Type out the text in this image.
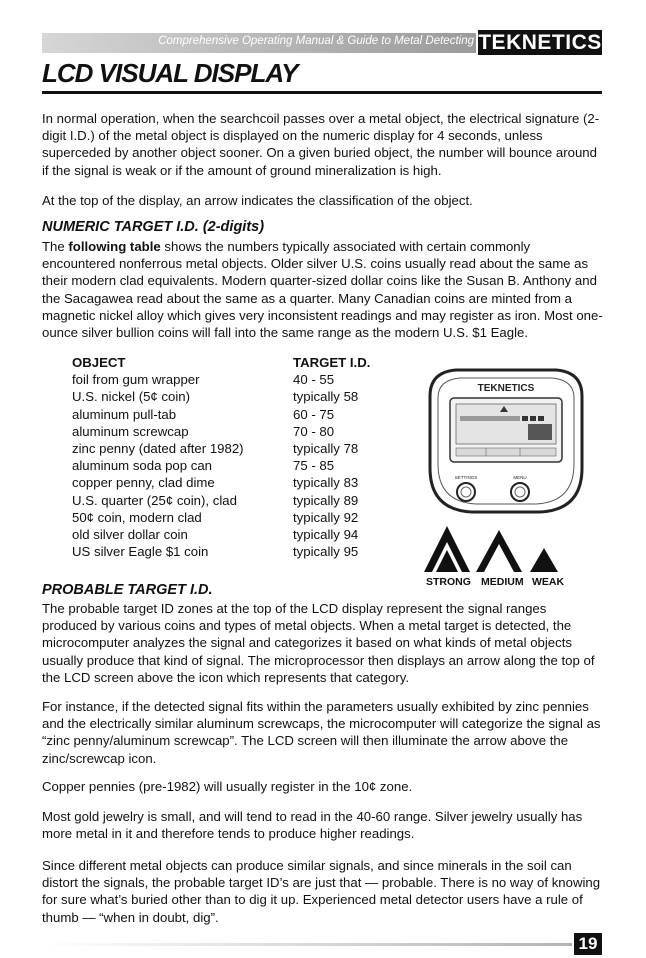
Comprehensive Operating Manual & Guide to Metal Detecting TEKNETICS
LCD VISUAL DISPLAY

In normal operation, when the searchcoil passes over a metal object, the electrical signature (2-digit I.D.) of the metal object is displayed on the numeric display for 4 seconds, unless superceded by another object sooner. On a given buried object, the number will bounce around if the signal is weak or if the amount of ground mineralization is high.

At the top of the display, an arrow indicates the classification of the object.

NUMERIC TARGET I.D. (2-digits)

The following table shows the numbers typically associated with certain commonly encountered nonferrous metal objects. Older silver U.S. coins usually read about the same as their modern clad equivalents. Modern quarter-sized dollar coins like the Susan B. Anthony and the Sacagawea read about the same as a quarter. Many Canadian coins are minted from a magnetic nickel alloy which gives very inconsistent readings and may register as iron. Most one-ounce silver bullion coins will fall into the same range as the modern U.S. $1 Eagle.

OBJECT	TARGET I.D.
foil from gum wrapper	40 - 55
U.S. nickel (5¢ coin)	typically 58
aluminum pull-tab	60 - 75
aluminum screwcap	70 - 80
zinc penny (dated after 1982)	typically 78
aluminum soda pop can	75 - 85
copper penny, clad dime	typically 83
U.S. quarter (25¢ coin), clad	typically 89
50¢ coin, modern clad	typically 92
old silver dollar coin	typically 94
US silver Eagle $1 coin	typically 95
TEKNETICS
SETTINGS	MENU
STRONG MEDIUM WEAK
PROBABLE TARGET I.D.

The probable target ID zones at the top of the LCD display represent the signal ranges produced by various coins and types of metal objects. When a metal target is detected, the microcomputer analyzes the signal and categorizes it based on what kinds of metal objects usually produce that kind of signal. The microprocessor then displays an arrow along the top of the LCD screen above the icon which represents that category.

For instance, if the detected signal fits within the parameters usually exhibited by zinc pennies and the electrically similar aluminum screwcaps, the microcomputer will categorize the signal as “zinc penny/aluminum screwcap”. The LCD screen will then illuminate the arrow above the zinc/screwcap icon.

Copper pennies (pre-1982) will usually register in the 10¢ zone.

Most gold jewelry is small, and will tend to read in the 40-60 range. Silver jewelry usually has more metal in it and therefore tends to produce higher readings.

Since different metal objects can produce similar signals, and since minerals in the soil can distort the signals, the probable target ID’s are just that — probable. There is no way of knowing for sure what’s buried other than to dig it up. Experienced metal detector users have a rule of thumb — “when in doubt, dig”.

19
